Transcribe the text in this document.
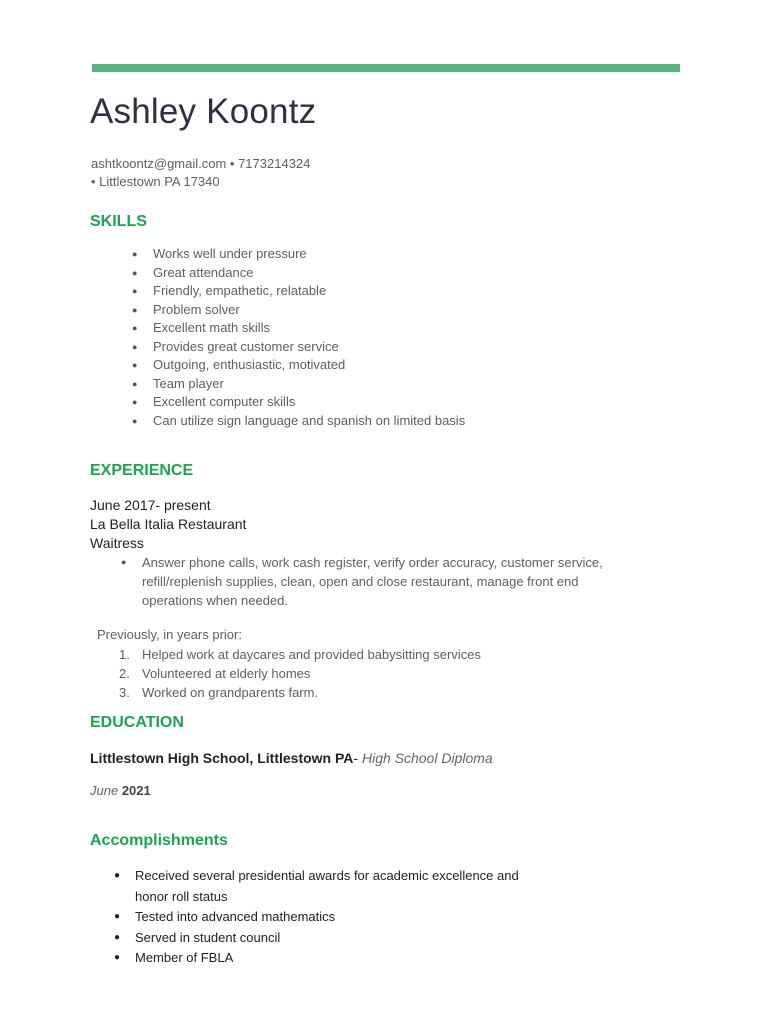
Ashley Koontz
ashtkoontz@gmail.com • 7173214324
• Littlestown PA 17340
SKILLS
● Works well under pressure
● Great attendance
● Friendly, empathetic, relatable
● Problem solver
● Excellent math skills
● Provides great customer service
● Outgoing, enthusiastic, motivated
● Team player
● Excellent computer skills
● Can utilize sign language and spanish on limited basis
EXPERIENCE
June 2017- present
La Bella Italia Restaurant
Waitress
● Answer phone calls, work cash register, verify order accuracy, customer service, refill/replenish supplies, clean, open and close restaurant, manage front end operations when needed.
Previously, in years prior:
1. Helped work at daycares and provided babysitting services
2. Volunteered at elderly homes
3. Worked on grandparents farm.
EDUCATION
Littlestown High School, Littlestown PA- High School Diploma
June 2021
Accomplishments
● Received several presidential awards for academic excellence and honor roll status
● Tested into advanced mathematics
● Served in student council
● Member of FBLA
